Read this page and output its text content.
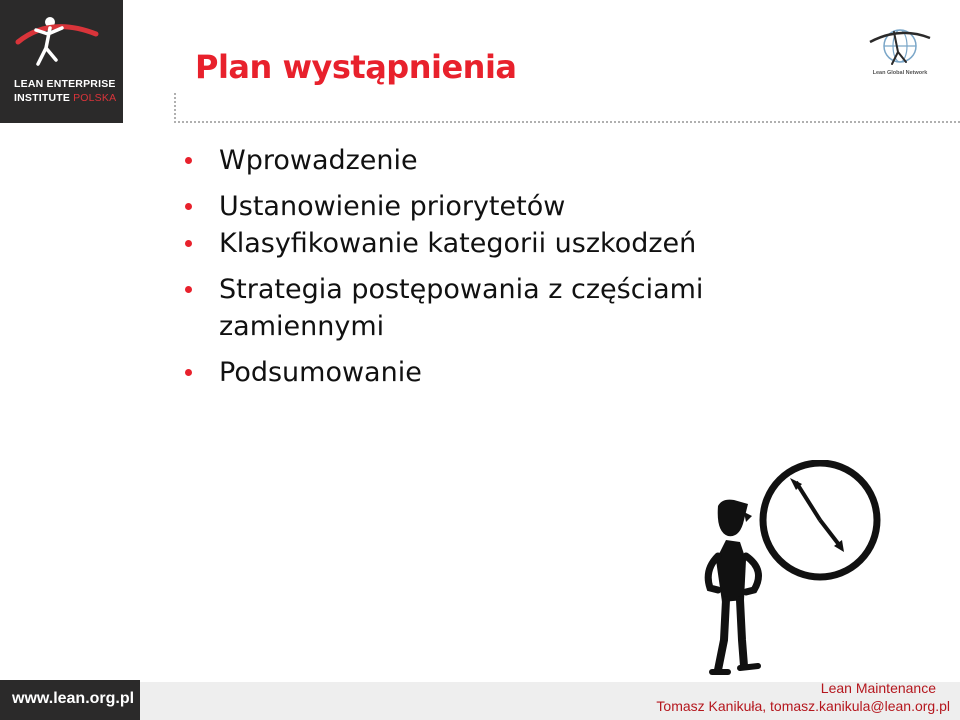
LEAN ENTERPRISE
INSTITUTE POLSKA
Plan wystąpnienia	Lean Global Network
Wprowadzenie
Ustanowienie priorytetów
Klasyfikowanie kategorii uszkodzeń
Strategia postępowania z częściami zamiennymi
Podsumowanie
www.lean.org.pl
Lean Maintenance
Tomasz Kanikuła, tomasz.kanikula@lean.org.pl
